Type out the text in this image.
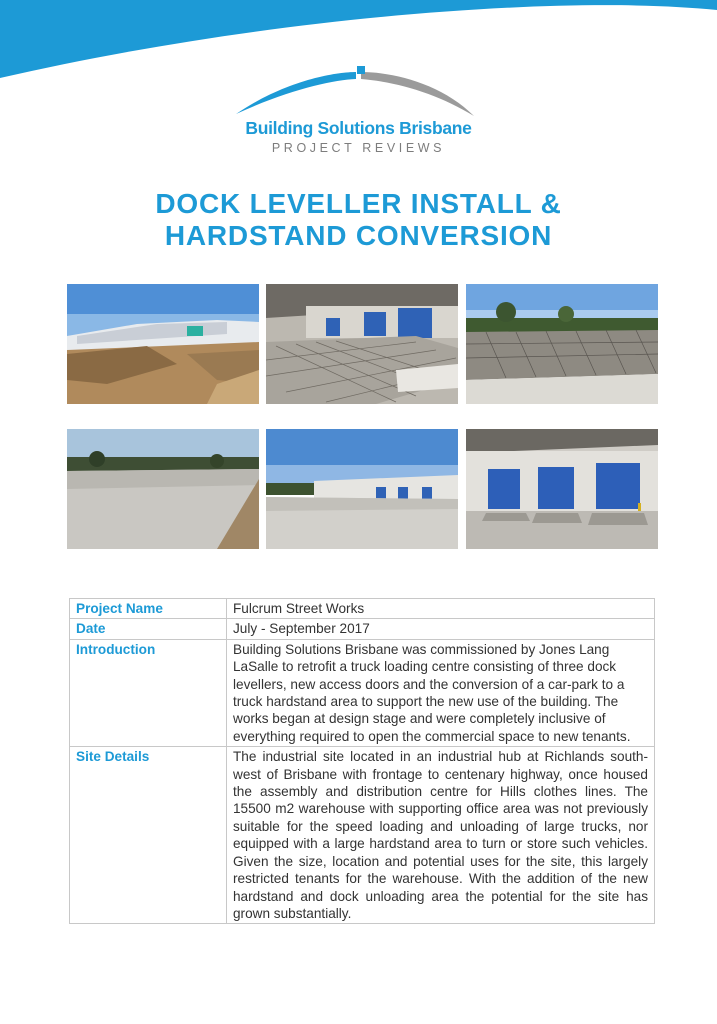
Building Solutions Brisbane
PROJECT REVIEWS
DOCK LEVELLER INSTALL &
HARDSTAND CONVERSION
Project Name	Fulcrum Street Works
Date	July - September 2017
Introduction	Building Solutions Brisbane was commissioned by Jones Lang LaSalle to retrofit a truck loading centre consisting of three dock levellers, new access doors and the conversion of a car-park to a truck hardstand area to support the new use of the building. The works began at design stage and were completely inclusive of everything required to open the commercial space to new tenants.
Site Details	The industrial site located in an industrial hub at Richlands south-west of Brisbane with frontage to centenary highway, once housed the assembly and distribution centre for Hills clothes lines. The 15500 m2 warehouse with supporting office area was not previously suitable for the speed loading and unloading of large trucks, nor equipped with a large hardstand area to turn or store such vehicles. Given the size, location and potential uses for the site, this largely restricted tenants for the warehouse. With the addition of the new hardstand and dock unloading area the potential for the site has grown substantially.
